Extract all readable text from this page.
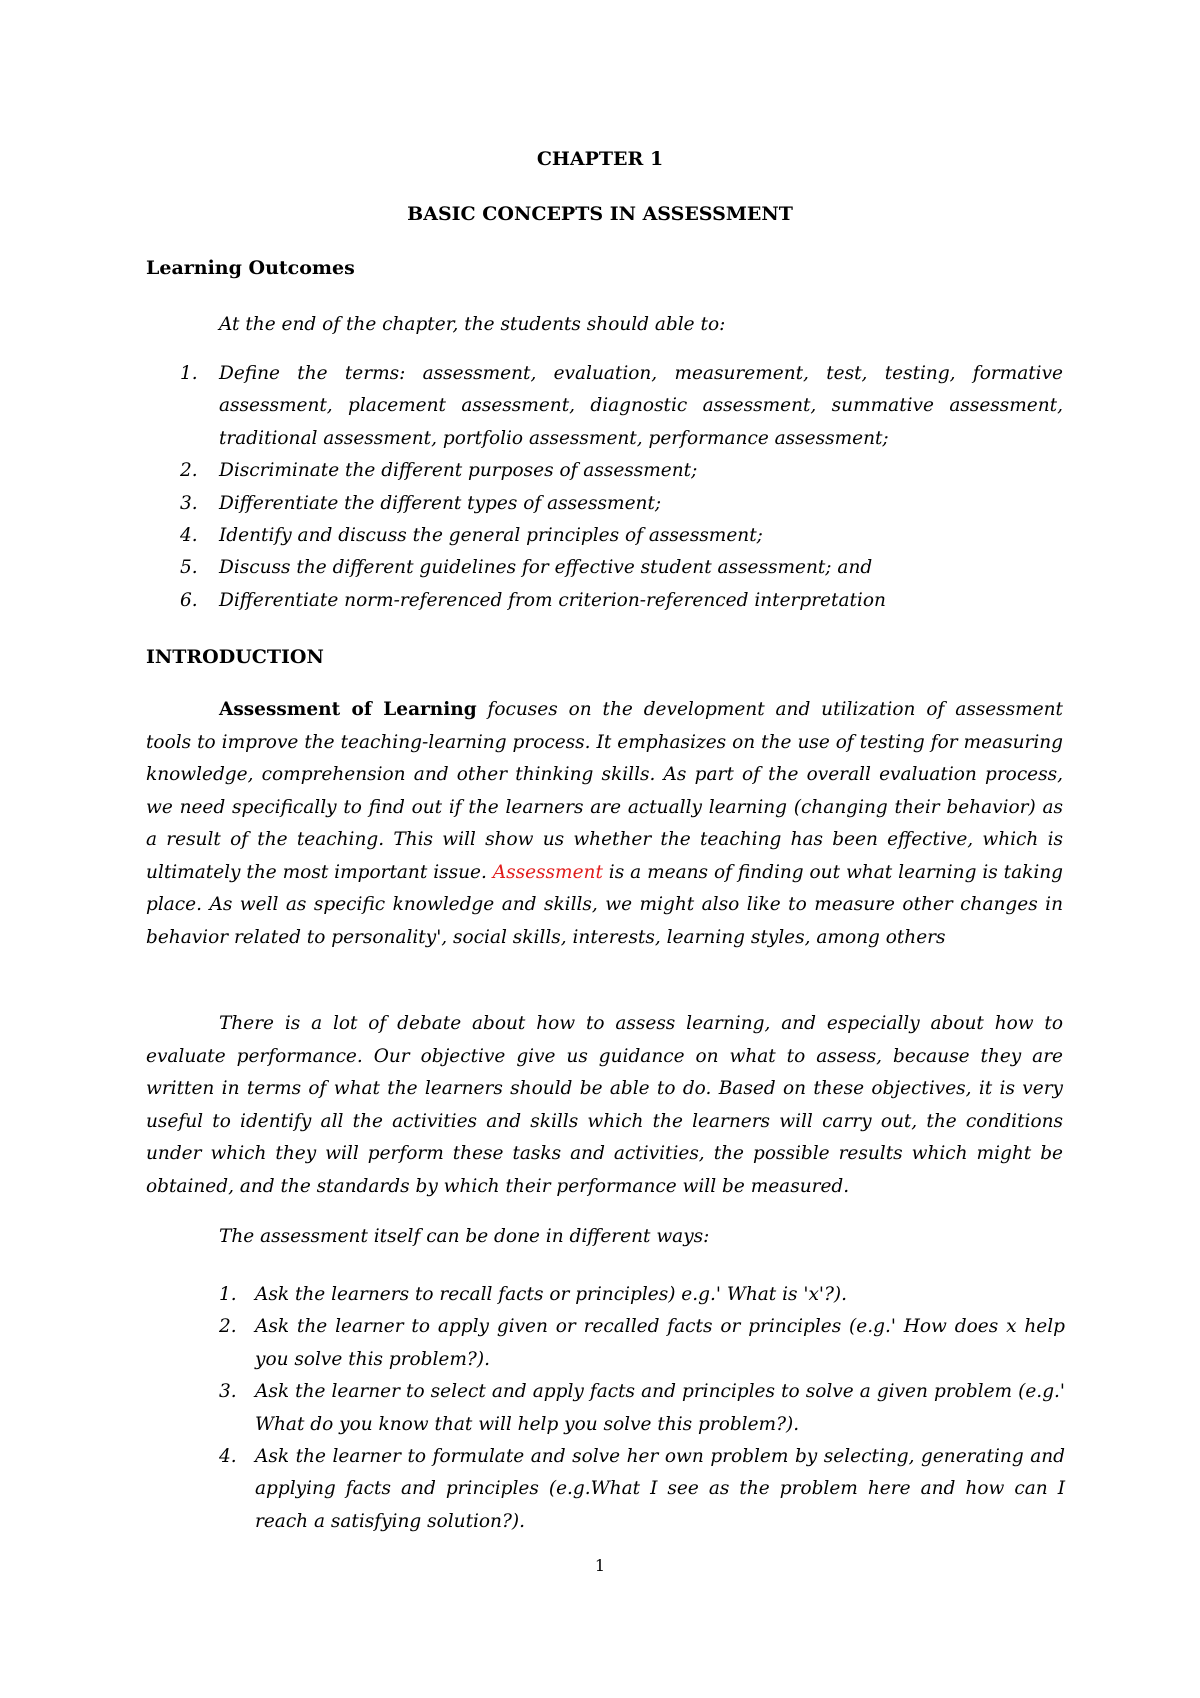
CHAPTER 1
BASIC CONCEPTS IN ASSESSMENT
Learning Outcomes
At the end of the chapter, the students should able to:
1. Define the terms: assessment, evaluation, measurement, test, testing, formative assessment, placement assessment, diagnostic assessment, summative assessment, traditional assessment, portfolio assessment, performance assessment;
2. Discriminate the different purposes of assessment;
3. Differentiate the different types of assessment;
4. Identify and discuss the general principles of assessment;
5. Discuss the different guidelines for effective student assessment; and
6. Differentiate norm-referenced from criterion-referenced interpretation
INTRODUCTION

Assessment of Learning focuses on the development and utilization of assessment tools to improve the teaching-learning process. It emphasizes on the use of testing for measuring knowledge, comprehension and other thinking skills. As part of the overall evaluation process, we need specifically to find out if the learners are actually learning (changing their behavior) as a result of the teaching. This will show us whether the teaching has been effective, which is ultimately the most important issue. Assessment is a means of finding out what learning is taking place. As well as specific knowledge and skills, we might also like to measure other changes in behavior related to personality', social skills, interests, learning styles, among others

There is a lot of debate about how to assess learning, and especially about how to evaluate performance. Our objective give us guidance on what to assess, because they are written in terms of what the learners should be able to do. Based on these objectives, it is very useful to identify all the activities and skills which the learners will carry out, the conditions under which they will perform these tasks and activities, the possible results which might be obtained, and the standards by which their performance will be measured.

The assessment itself can be done in different ways:
1. Ask the learners to recall facts or principles) e.g.' What is 'x'?).
2. Ask the learner to apply given or recalled facts or principles (e.g.' How does x help you solve this problem?).
3. Ask the learner to select and apply facts and principles to solve a given problem (e.g.' What do you know that will help you solve this problem?).
4. Ask the learner to formulate and solve her own problem by selecting, generating and applying facts and principles (e.g.What I see as the problem here and how can I reach a satisfying solution?).
1
